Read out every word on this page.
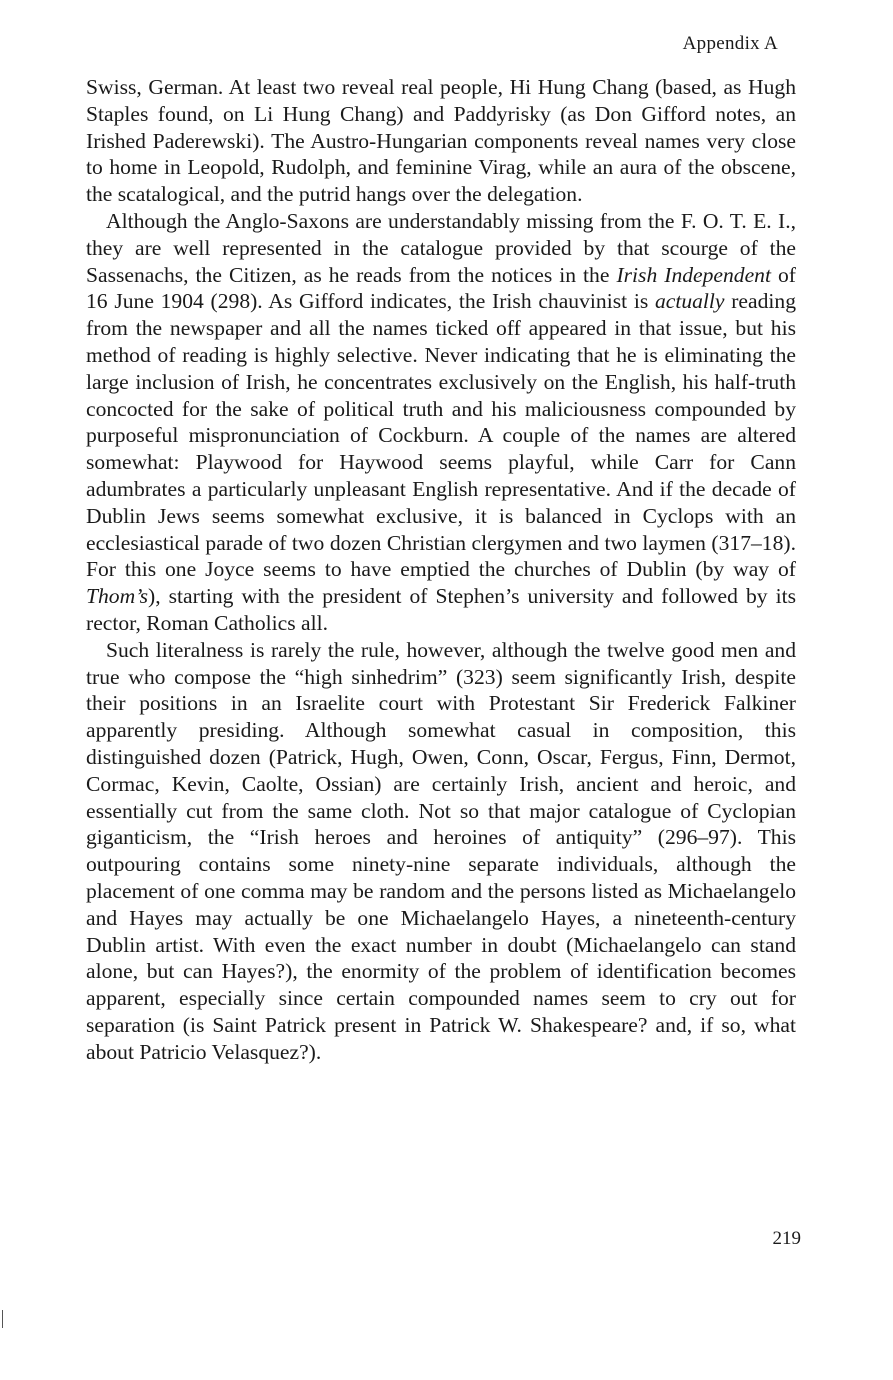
Appendix A

Swiss, German. At least two reveal real people, Hi Hung Chang (based, as Hugh Staples found, on Li Hung Chang) and Paddyrisky (as Don Gifford notes, an Irished Paderewski). The Austro-Hungarian components reveal names very close to home in Leopold, Rudolph, and feminine Virag, while an aura of the obscene, the scatalogical, and the putrid hangs over the delegation.

Although the Anglo-Saxons are understandably missing from the F. O. T. E. I., they are well represented in the catalogue provided by that scourge of the Sassenachs, the Citizen, as he reads from the notices in the Irish Independent of 16 June 1904 (298). As Gifford indicates, the Irish chauvinist is actually reading from the newspaper and all the names ticked off appeared in that issue, but his method of reading is highly selective. Never indicating that he is eliminating the large inclusion of Irish, he concentrates exclusively on the English, his half-truth concocted for the sake of political truth and his maliciousness compounded by purposeful mispronunciation of Cockburn. A couple of the names are altered somewhat: Playwood for Haywood seems playful, while Carr for Cann adumbrates a particularly unpleasant English representative. And if the decade of Dublin Jews seems somewhat exclusive, it is balanced in Cyclops with an ecclesiastical parade of two dozen Christian clergymen and two laymen (317–18). For this one Joyce seems to have emptied the churches of Dublin (by way of Thom’s), starting with the president of Stephen’s university and followed by its rector, Roman Catholics all.

Such literalness is rarely the rule, however, although the twelve good men and true who compose the “high sinhedrim” (323) seem significantly Irish, despite their positions in an Israelite court with Protestant Sir Frederick Falkiner apparently presiding. Although somewhat casual in composition, this distinguished dozen (Patrick, Hugh, Owen, Conn, Oscar, Fergus, Finn, Dermot, Cormac, Kevin, Caolte, Ossian) are certainly Irish, ancient and heroic, and essentially cut from the same cloth. Not so that major catalogue of Cyclopian giganticism, the “Irish heroes and heroines of antiquity” (296–97). This outpouring contains some ninety-nine separate individuals, although the placement of one comma may be random and the persons listed as Michaelangelo and Hayes may actually be one Michaelangelo Hayes, a nineteenth-century Dublin artist. With even the exact number in doubt (Michaelangelo can stand alone, but can Hayes?), the enormity of the problem of identification becomes apparent, especially since certain compounded names seem to cry out for separation (is Saint Patrick present in Patrick W. Shakespeare? and, if so, what about Patricio Velasquez?).

219
